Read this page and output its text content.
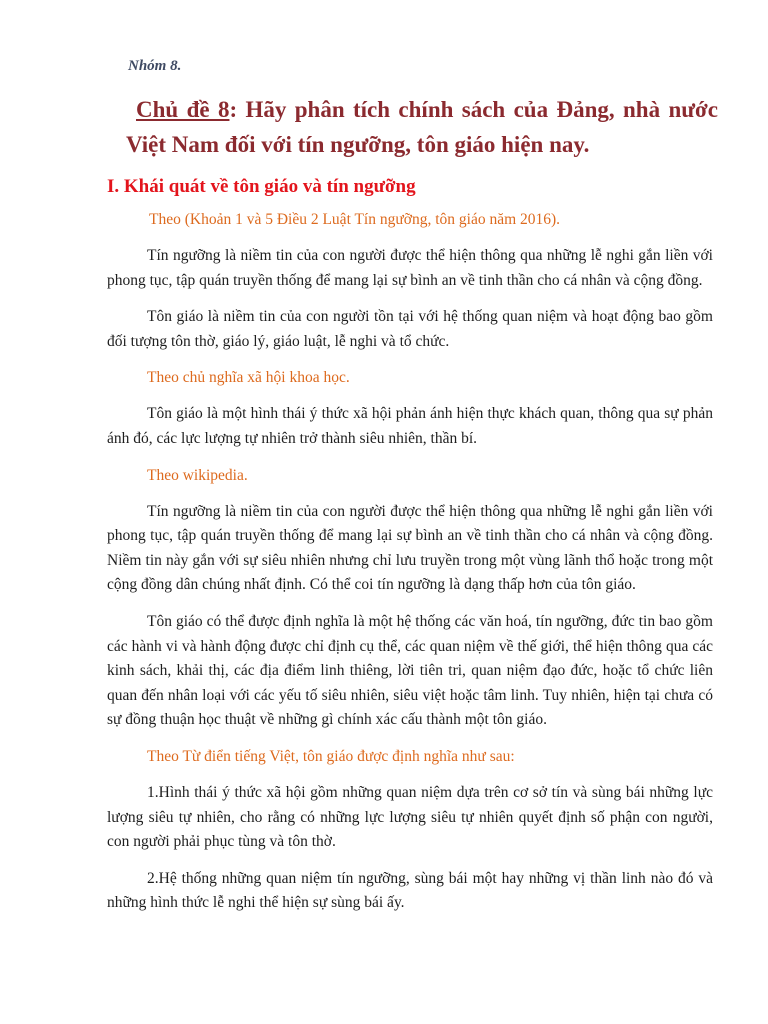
Nhóm 8.

Chủ đề 8: Hãy phân tích chính sách của Đảng, nhà nước Việt Nam đối với tín ngưỡng, tôn giáo hiện nay.
I. Khái quát về tôn giáo và tín ngưỡng

Theo (Khoản 1 và 5 Điều 2 Luật Tín ngưỡng, tôn giáo năm 2016).

Tín ngưỡng là niềm tin của con người được thể hiện thông qua những lễ nghi gắn liền với phong tục, tập quán truyền thống để mang lại sự bình an về tinh thần cho cá nhân và cộng đồng.

Tôn giáo là niềm tin của con người tồn tại với hệ thống quan niệm và hoạt động bao gồm đối tượng tôn thờ, giáo lý, giáo luật, lễ nghi và tổ chức.

Theo chủ nghĩa xã hội khoa học.

Tôn giáo là một hình thái ý thức xã hội phản ánh hiện thực khách quan, thông qua sự phản ánh đó, các lực lượng tự nhiên trở thành siêu nhiên, thần bí.

Theo wikipedia.

Tín ngưỡng là niềm tin của con người được thể hiện thông qua những lễ nghi gắn liền với phong tục, tập quán truyền thống để mang lại sự bình an về tinh thần cho cá nhân và cộng đồng. Niềm tin này gắn với sự siêu nhiên nhưng chỉ lưu truyền trong một vùng lãnh thổ hoặc trong một cộng đồng dân chúng nhất định. Có thể coi tín ngưỡng là dạng thấp hơn của tôn giáo.

Tôn giáo có thể được định nghĩa là một hệ thống các văn hoá, tín ngưỡng, đức tin bao gồm các hành vi và hành động được chỉ định cụ thể, các quan niệm về thế giới, thể hiện thông qua các kinh sách, khải thị, các địa điểm linh thiêng, lời tiên tri, quan niệm đạo đức, hoặc tổ chức liên quan đến nhân loại với các yếu tố siêu nhiên, siêu việt hoặc tâm linh. Tuy nhiên, hiện tại chưa có sự đồng thuận học thuật về những gì chính xác cấu thành một tôn giáo.

Theo Từ điển tiếng Việt, tôn giáo được định nghĩa như sau:

1.Hình thái ý thức xã hội gồm những quan niệm dựa trên cơ sở tín và sùng bái những lực lượng siêu tự nhiên, cho rằng có những lực lượng siêu tự nhiên quyết định số phận con người, con người phải phục tùng và tôn thờ.

2.Hệ thống những quan niệm tín ngưỡng, sùng bái một hay những vị thần linh nào đó và những hình thức lễ nghi thể hiện sự sùng bái ấy.
